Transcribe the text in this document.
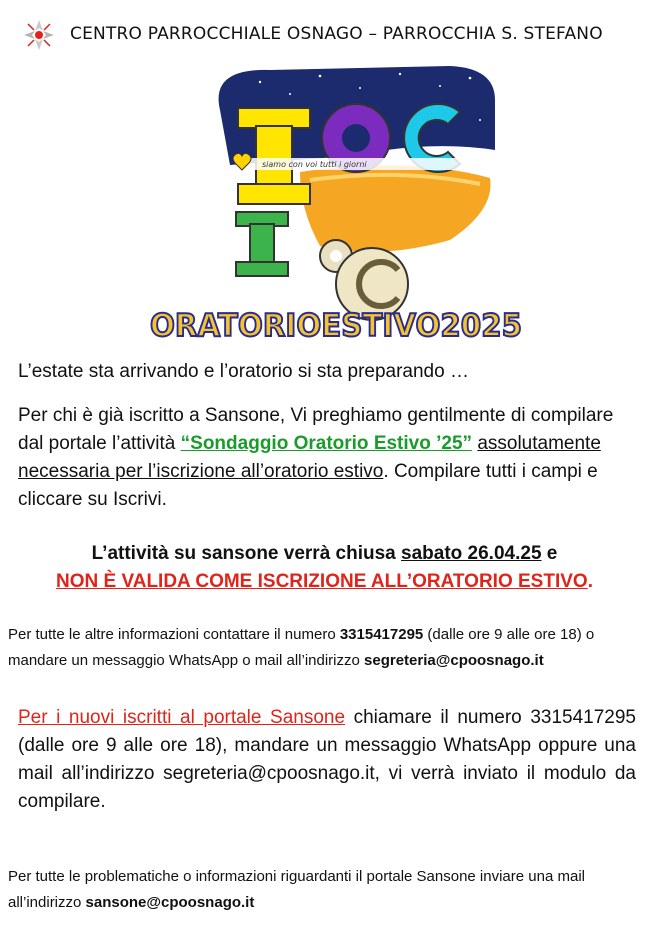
CENTRO PARROCCHIALE OSNAGO – PARROCCHIA S. STEFANO
siamo con voi tutti i giorni
ORATORIOESTIVO2025
L’estate sta arrivando e l’oratorio si sta preparando …
Per chi è già iscritto a Sansone, Vi preghiamo gentilmente di compilare dal portale l’attività “Sondaggio Oratorio Estivo ’25” assolutamente necessaria per l’iscrizione all’oratorio estivo. Compilare tutti i campi e cliccare su Iscrivi.
L’attività su sansone verrà chiusa sabato 26.04.25 e
NON È VALIDA COME ISCRIZIONE ALL’ORATORIO ESTIVO.
Per tutte le altre informazioni contattare il numero 3315417295 (dalle ore 9 alle ore 18) o mandare un messaggio WhatsApp o mail all’indirizzo segreteria@cpoosnago.it
Per i nuovi iscritti al portale Sansone chiamare il numero 3315417295 (dalle ore 9 alle ore 18), mandare un messaggio WhatsApp oppure una mail all’indirizzo segreteria@cpoosnago.it, vi verrà inviato il modulo da compilare.
Per tutte le problematiche o informazioni riguardanti il portale Sansone inviare una mail all’indirizzo sansone@cpoosnago.it
